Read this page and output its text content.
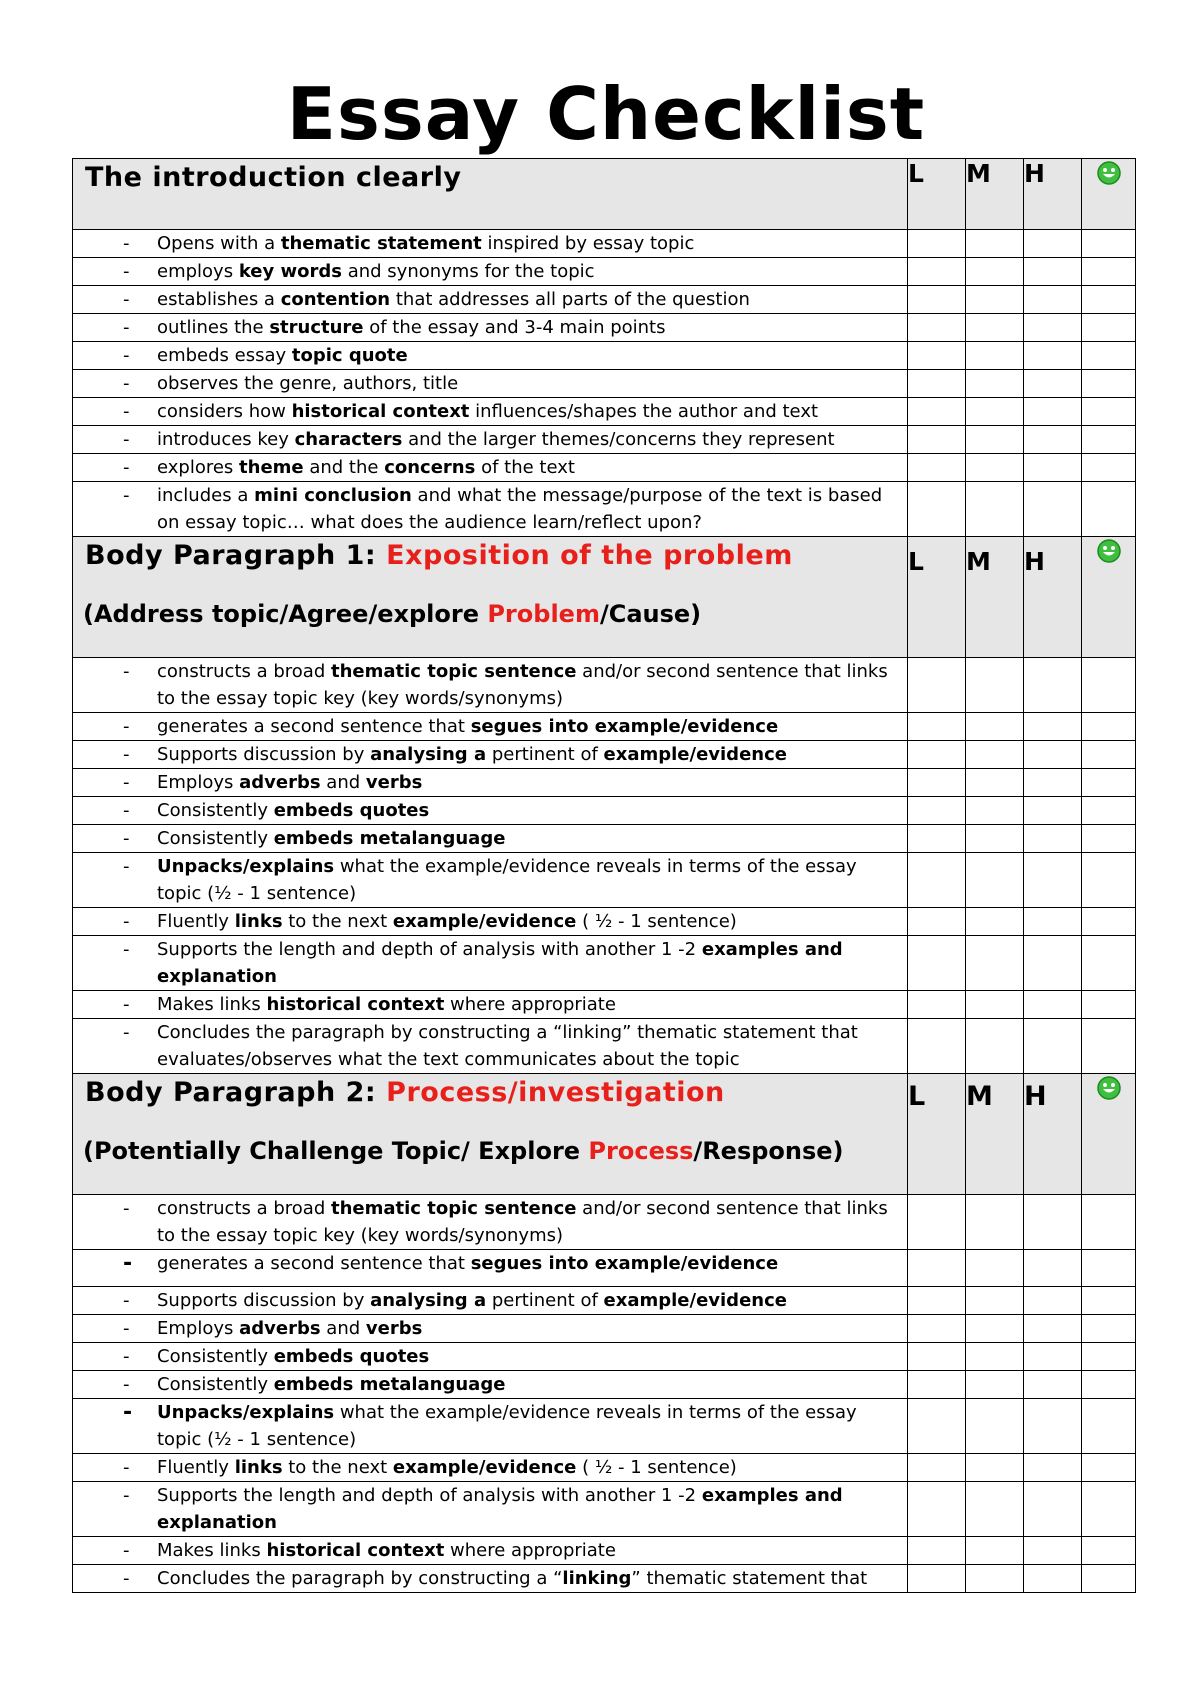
Essay Checklist
The introduction clearly	L	M	H	

- Opens with a thematic statement inspired by essay topic				

- employs key words and synonyms for the topic				

- establishes a contention that addresses all parts of the question				

- outlines the structure of the essay and 3-4 main points				

- embeds essay topic quote				

- observes the genre, authors, title				

- considers how historical context influences/shapes the author and text				

- introduces key characters and the larger themes/concerns they represent				

- explores theme and the concerns of the text				

- includes a mini conclusion and what the message/purpose of the text is based on essay topic… what does the audience learn/reflect upon?				

Body Paragraph 1: Exposition of the problem
(Address topic/Agree/explore Problem/Cause)	L	M	H	

- constructs a broad thematic topic sentence and/or second sentence that links to the essay topic key (key words/synonyms)				

- generates a second sentence that segues into example/evidence				

- Supports discussion by analysing a pertinent of example/evidence				

- Employs adverbs and verbs				

- Consistently embeds quotes				

- Consistently embeds metalanguage				

- Unpacks/explains what the example/evidence reveals in terms of the essay topic (½ - 1 sentence)				

- Fluently links to the next example/evidence ( ½ - 1 sentence)				

- Supports the length and depth of analysis with another 1 -2 examples and explanation				

- Makes links historical context where appropriate				

- Concludes the paragraph by constructing a “linking” thematic statement that evaluates/observes what the text communicates about the topic				

Body Paragraph 2: Process/investigation
(Potentially Challenge Topic/ Explore Process/Response)	L	M	H	

- constructs a broad thematic topic sentence and/or second sentence that links to the essay topic key (key words/synonyms)				

- generates a second sentence that segues into example/evidence				

- Supports discussion by analysing a pertinent of example/evidence				

- Employs adverbs and verbs				

- Consistently embeds quotes				

- Consistently embeds metalanguage				

- Unpacks/explains what the example/evidence reveals in terms of the essay topic (½ - 1 sentence)				

- Fluently links to the next example/evidence ( ½ - 1 sentence)				

- Supports the length and depth of analysis with another 1 -2 examples and explanation				

- Makes links historical context where appropriate				

- Concludes the paragraph by constructing a “linking” thematic statement that				
